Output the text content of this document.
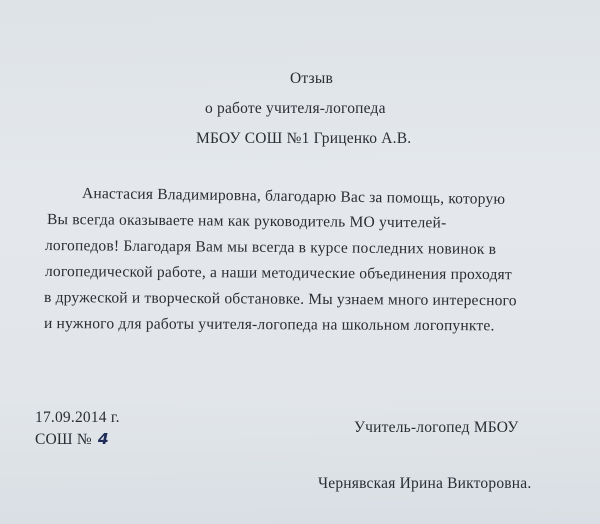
Отзыв
о работе учителя-логопеда
МБОУ СОШ №1 Гриценко А.В.
Анастасия Владимировна, благодарю Вас за помощь, которую
Вы всегда оказываете нам как руководитель МО учителей-
логопедов! Благодаря Вам мы всегда в курсе последних новинок в
логопедической работе, а наши методические объединения проходят
в дружеской и творческой обстановке. Мы узнаем много интересного
и нужного для работы учителя-логопеда на школьном логопункте.
17.09.2014 г.
СОШ № 4
Учитель-логопед МБОУ
Чернявская Ирина Викторовна.
